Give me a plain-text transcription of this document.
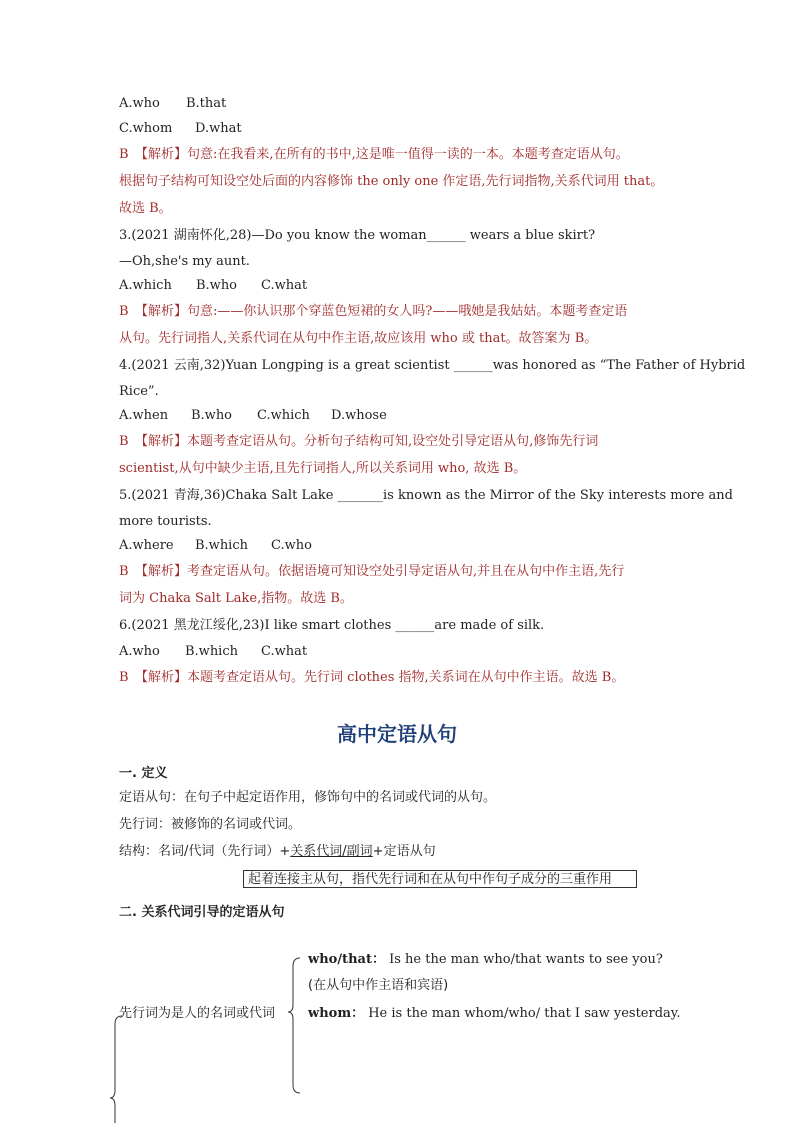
A.who B.that
C.whom D.what
B　【解析】句意:在我看来,在所有的书中,这是唯一值得一读的一本。本题考查定语从句。
根据句子结构可知设空处后面的内容修饰 the only one 作定语,先行词指物,关系代词用 that。
故选 B。
3.(2021 湖南怀化,28)—Do you know the woman______ wears a blue skirt?
—Oh,she's my aunt.
A.which B.who C.what
B　【解析】句意:——你认识那个穿蓝色短裙的女人吗?——哦她是我姑姑。本题考查定语
从句。先行词指人,关系代词在从句中作主语,故应该用 who 或 that。故答案为 B。
4.(2021 云南,32)Yuan Longping is a great scientist ______was honored as “The Father of Hybrid
Rice”.
A.when B.who C.which D.whose
B　【解析】本题考查定语从句。分析句子结构可知,设空处引导定语从句,修饰先行词
scientist,从句中缺少主语,且先行词指人,所以关系词用 who, 故选 B。
5.(2021 青海,36)Chaka Salt Lake _______is known as the Mirror of the Sky interests more and
more tourists.
A.where B.which C.who
B　【解析】考查定语从句。依据语境可知设空处引导定语从句,并且在从句中作主语,先行
词为 Chaka Salt Lake,指物。故选 B。
6.(2021 黑龙江绥化,23)I like smart clothes ______are made of silk.
A.who B.which C.what
B　【解析】本题考查定语从句。先行词 clothes 指物,关系词在从句中作主语。故选 B。
高中定语从句
一. 定义
定语从句：在句子中起定语作用，修饰句中的名词或代词的从句。
先行词：被修饰的名词或代词。
结构：名词/代词（先行词）+关系代词/副词+定语从句
起着连接主从句，指代先行词和在从句中作句子成分的三重作用
二. 关系代词引导的定语从句
先行词为是人的名词或代词
who/that： Is he the man who/that wants to see you?
(在从句中作主语和宾语)
whom： He is the man whom/who/ that I saw yesterday.
